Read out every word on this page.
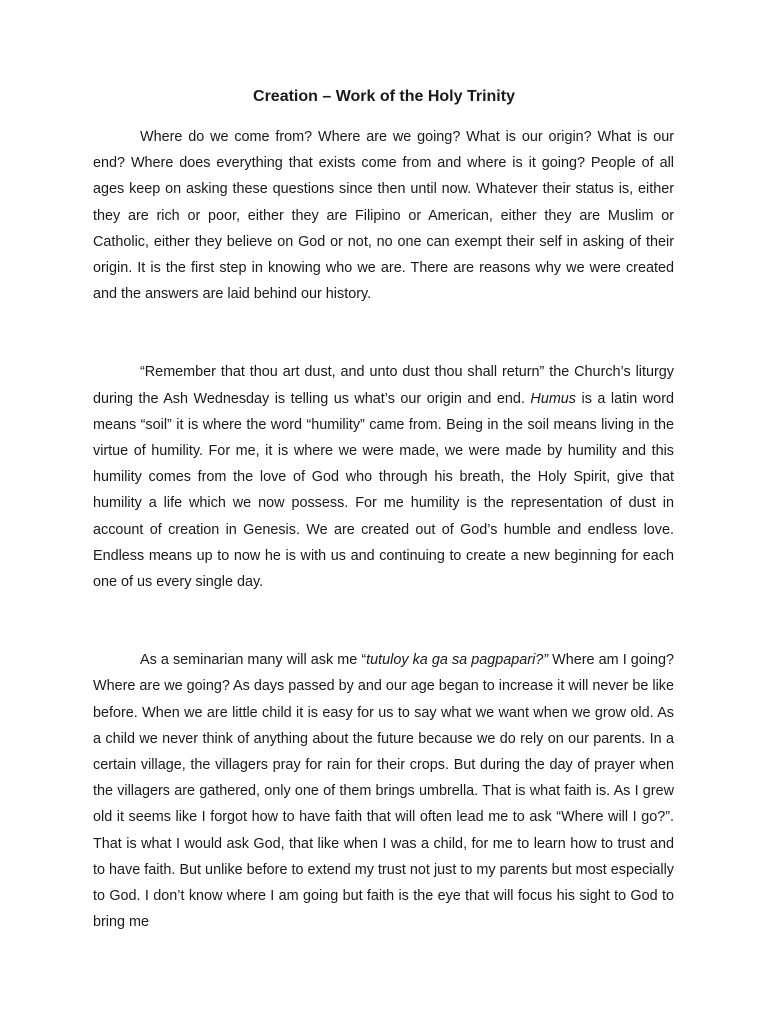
Creation – Work of the Holy Trinity

Where do we come from? Where are we going? What is our origin? What is our end? Where does everything that exists come from and where is it going? People of all ages keep on asking these questions since then until now. Whatever their status is, either they are rich or poor, either they are Filipino or American, either they are Muslim or Catholic, either they believe on God or not, no one can exempt their self in asking of their origin. It is the first step in knowing who we are. There are reasons why we were created and the answers are laid behind our history.

“Remember that thou art dust, and unto dust thou shall return” the Church’s liturgy during the Ash Wednesday is telling us what’s our origin and end. Humus is a latin word means “soil” it is where the word “humility” came from. Being in the soil means living in the virtue of humility. For me, it is where we were made, we were made by humility and this humility comes from the love of God who through his breath, the Holy Spirit, give that humility a life which we now possess. For me humility is the representation of dust in account of creation in Genesis. We are created out of God’s humble and endless love. Endless means up to now he is with us and continuing to create a new beginning for each one of us every single day.

As a seminarian many will ask me “tutuloy ka ga sa pagpapari?” Where am I going? Where are we going? As days passed by and our age began to increase it will never be like before. When we are little child it is easy for us to say what we want when we grow old. As a child we never think of anything about the future because we do rely on our parents. In a certain village, the villagers pray for rain for their crops. But during the day of prayer when the villagers are gathered, only one of them brings umbrella. That is what faith is. As I grew old it seems like I forgot how to have faith that will often lead me to ask “Where will I go?”. That is what I would ask God, that like when I was a child, for me to learn how to trust and to have faith. But unlike before to extend my trust not just to my parents but most especially to God. I don’t know where I am going but faith is the eye that will focus his sight to God to bring me
